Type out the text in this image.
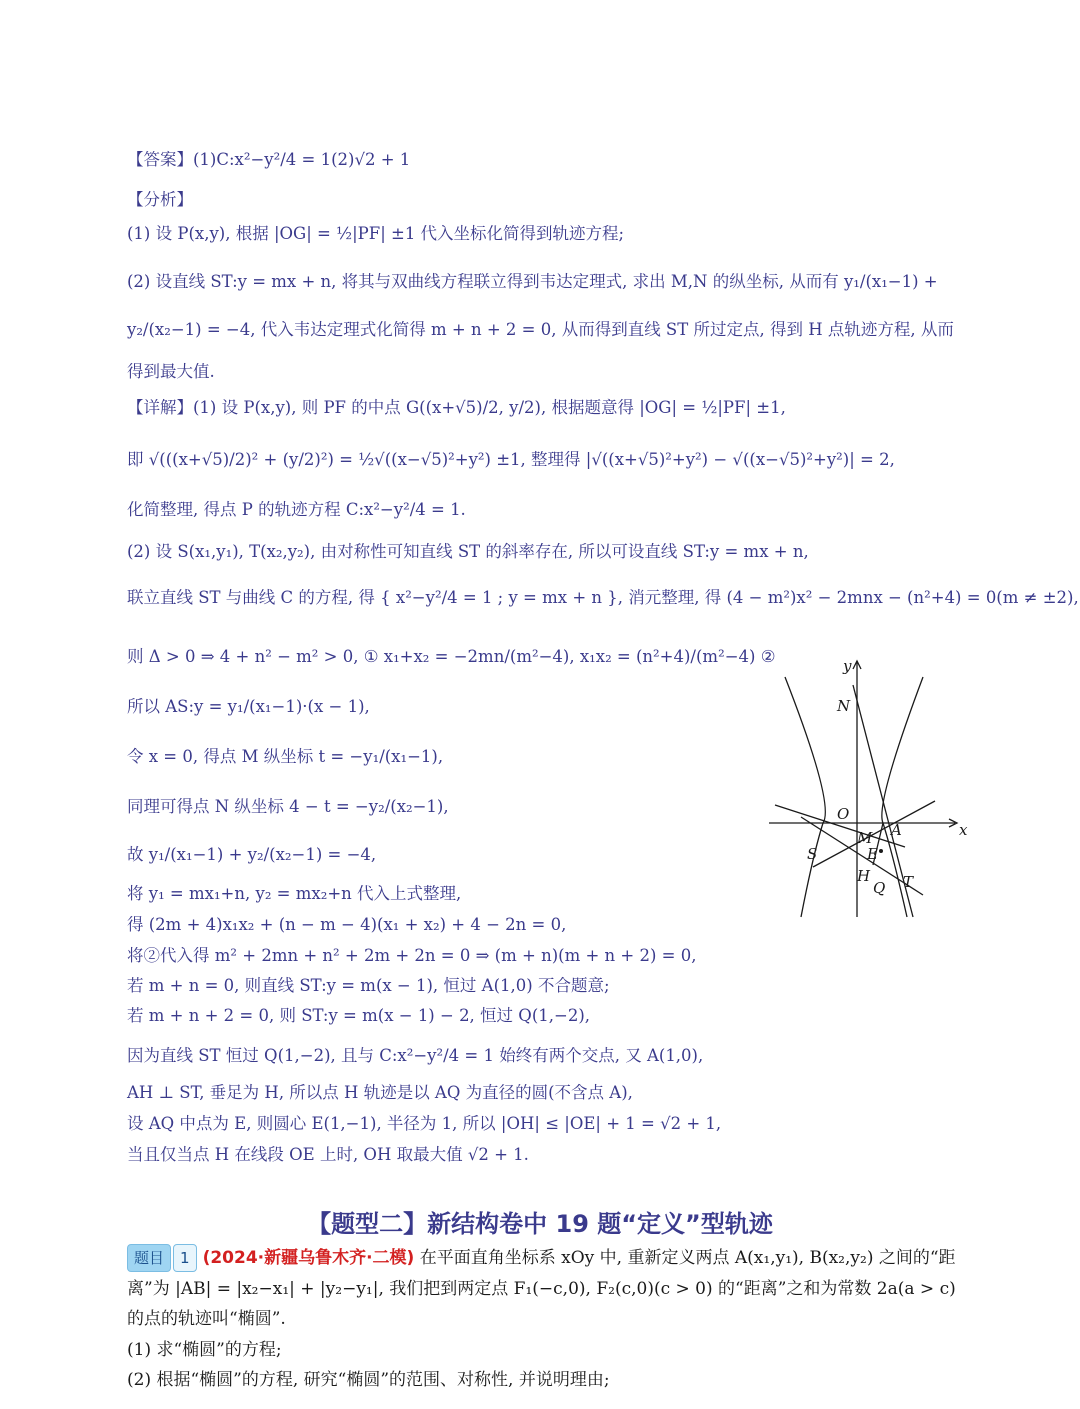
【答案】(1)C:x²−y²/4 = 1(2)√2 + 1
【分析】
(1) 设 P(x,y), 根据 |OG| = ½|PF| ±1 代入坐标化简得到轨迹方程;
(2) 设直线 ST:y = mx + n, 将其与双曲线方程联立得到韦达定理式, 求出 M,N 的纵坐标, 从而有 y₁/(x₁−1) +
y₂/(x₂−1) = −4, 代入韦达定理式化简得 m + n + 2 = 0, 从而得到直线 ST 所过定点, 得到 H 点轨迹方程, 从而
得到最大值.
【详解】(1) 设 P(x,y), 则 PF 的中点 G((x+√5)/2, y/2), 根据题意得 |OG| = ½|PF| ±1,
即 √(((x+√5)/2)² + (y/2)²) = ½√((x−√5)²+y²) ±1, 整理得 |√((x+√5)²+y²) − √((x−√5)²+y²)| = 2,
化简整理, 得点 P 的轨迹方程 C:x²−y²/4 = 1.
(2) 设 S(x₁,y₁), T(x₂,y₂), 由对称性可知直线 ST 的斜率存在, 所以可设直线 ST:y = mx + n,
联立直线 ST 与曲线 C 的方程, 得 { x²−y²/4 = 1 ; y = mx + n }, 消元整理, 得 (4 − m²)x² − 2mnx − (n²+4) = 0(m ≠ ±2),
则 Δ > 0 ⇒ 4 + n² − m² > 0, ① x₁+x₂ = −2mn/(m²−4), x₁x₂ = (n²+4)/(m²−4) ②
所以 AS:y = y₁/(x₁−1)·(x − 1),
令 x = 0, 得点 M 纵坐标 t = −y₁/(x₁−1),
同理可得点 N 纵坐标 4 − t = −y₂/(x₂−1),
故 y₁/(x₁−1) + y₂/(x₂−1) = −4,
将 y₁ = mx₁+n, y₂ = mx₂+n 代入上式整理,
得 (2m + 4)x₁x₂ + (n − m − 4)(x₁ + x₂) + 4 − 2n = 0,
将②代入得 m² + 2mn + n² + 2m + 2n = 0 ⇒ (m + n)(m + n + 2) = 0,
若 m + n = 0, 则直线 ST:y = m(x − 1), 恒过 A(1,0) 不合题意;
若 m + n + 2 = 0, 则 ST:y = m(x − 1) − 2, 恒过 Q(1,−2),
因为直线 ST 恒过 Q(1,−2), 且与 C:x²−y²/4 = 1 始终有两个交点, 又 A(1,0),
AH ⊥ ST, 垂足为 H, 所以点 H 轨迹是以 AQ 为直径的圆(不含点 A),
设 AQ 中点为 E, 则圆心 E(1,−1), 半径为 1, 所以 |OH| ≤ |OE| + 1 = √2 + 1,
当且仅当点 H 在线段 OE 上时, OH 取最大值 √2 + 1.
y
x
N
O
A
M
E
S
H
Q T
【题型二】新结构卷中 19 题“定义”型轨迹
题目 1 (2024·新疆乌鲁木齐·二模) 在平面直角坐标系 xOy 中, 重新定义两点 A(x₁,y₁), B(x₂,y₂) 之间的“距
离”为 |AB| = |x₂−x₁| + |y₂−y₁|, 我们把到两定点 F₁(−c,0), F₂(c,0)(c > 0) 的“距离”之和为常数 2a(a > c)
的点的轨迹叫“椭圆”.
(1) 求“椭圆”的方程;
(2) 根据“椭圆”的方程, 研究“椭圆”的范围、对称性, 并说明理由;
